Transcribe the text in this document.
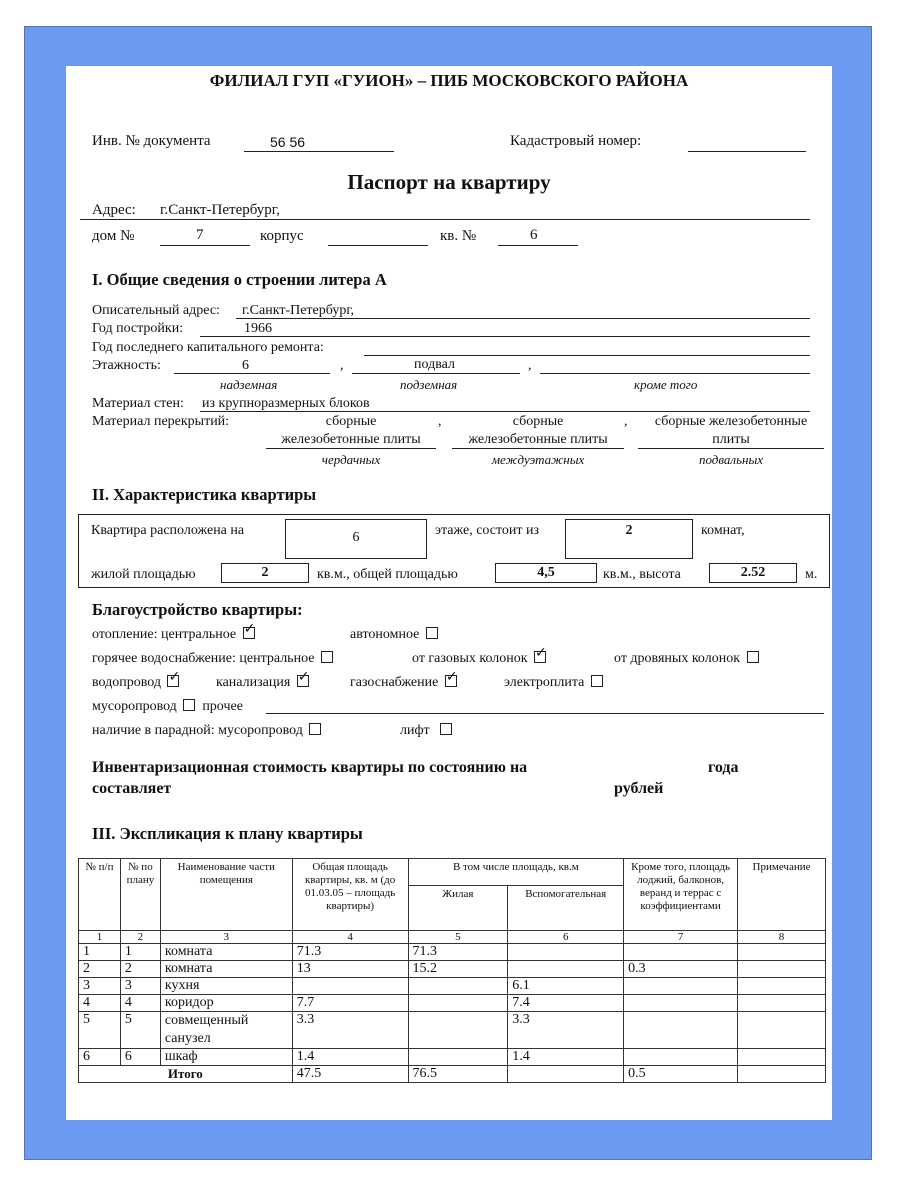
ФИЛИАЛ ГУП «ГУИОН» – ПИБ МОСКОВСКОГО РАЙОНА
Инв. № документа	56 56	Кадастровый номер:
Паспорт на квартиру
Адрес: г.Санкт-Петербург,
дом №	7	корпус	кв. №	6
I. Общие сведения о строении литера А
Описательный адрес: г.Санкт-Петербург,
Год постройки:	1966
Год последнего капитального ремонта:
Этажность:	6	,	подвал	,
надземная	подземная	кроме того
Материал стен: из крупноразмерных блоков
Материал перекрытий:	сборные
железобетонные плиты
,	сборные
железобетонные плиты
,	сборные железобетонные
плиты
чердачных	междуэтажных	подвальных
II. Характеристика квартиры
Квартира расположена на	6	этаже, состоит из	2	комнат,
жилой площадью	2	кв.м., общей площадью	4,5	кв.м., высота	2.52	м.
Благоустройство квартиры:
отопление: центральное ✓	автономное
горячее водоснабжение: центральное	от газовых колонок ✓	от дровяных колонок
водопровод ✓	канализация ✓	газоснабжение ✓	электроплита
мусоропровод прочее
наличие в парадной: мусоропровод	лифт
Инвентаризационная стоимость квартиры по состоянию на	года
составляет	рублей
III. Экспликация к плану квартиры
№ п/п	№ по плану	Наименование части помещения	Общая площадь квартиры, кв. м (до 01.03.05 – площадь квартиры)	В том числе площадь, кв.м		Кроме того, площадь лоджий, балконов, веранд и террас с коэффициентами	Примечание
				Жилая	Вспомогательная		
1	2	3	4	5	6	7	8
1	1	комната	71.3	71.3			
2	2	комната	13	15.2		0.3	
3	3	кухня			6.1		
4	4	коридор	7.7		7.4		
5	5	совмещенный санузел	3.3		3.3		
6	6	шкаф	1.4		1.4		
Итого			47.5	76.5		0.5	
